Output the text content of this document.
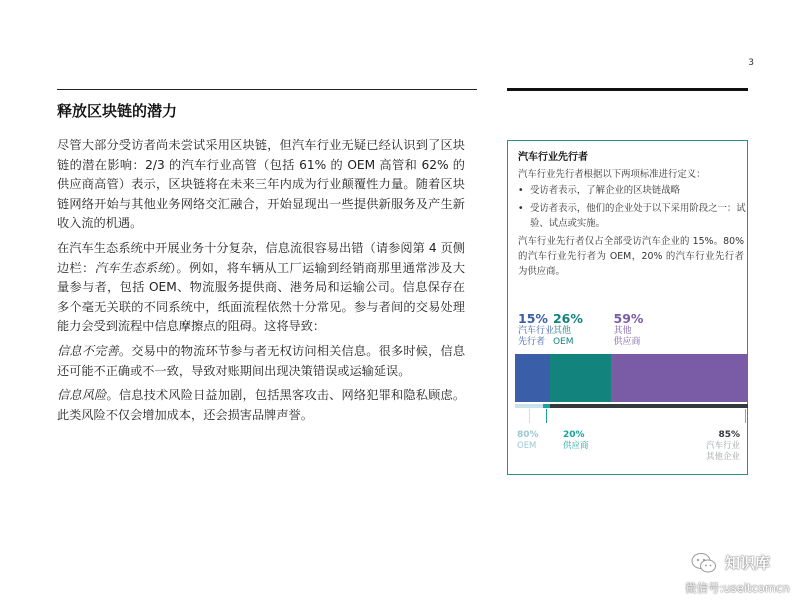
3
释放区块链的潜力

尽管大部分受访者尚未尝试采用区块链，但汽车行业无疑已经认识到了区块链的潜在影响：2/3 的汽车行业高管（包括 61% 的 OEM 高管和 62% 的供应商高管）表示，区块链将在未来三年内成为行业颠覆性力量。随着区块链网络开始与其他业务网络交汇融合，开始显现出一些提供新服务及产生新收入流的机遇。

在汽车生态系统中开展业务十分复杂，信息流很容易出错（请参阅第 4 页侧边栏：汽车生态系统）。例如，将车辆从工厂运输到经销商那里通常涉及大量参与者，包括 OEM、物流服务提供商、港务局和运输公司。信息保存在多个毫无关联的不同系统中，纸面流程依然十分常见。参与者间的交易处理能力会受到流程中信息摩擦点的阻碍。这将导致：

信息不完善。交易中的物流环节参与者无权访问相关信息。很多时候，信息还可能不正确或不一致，导致对账期间出现决策错误或运输延误。

信息风险。信息技术风险日益加剧，包括黑客攻击、网络犯罪和隐私顾虑。此类风险不仅会增加成本，还会损害品牌声誉。

汽车行业先行者
汽车行业先行者根据以下两项标准进行定义：
• 受访者表示，了解企业的区块链战略
• 受访者表示，他们的企业处于以下采用阶段之一：试验、试点或实施。
汽车行业先行者仅占全部受访汽车企业的 15%。80% 的汽车行业先行者为 OEM，20% 的汽车行业先行者为供应商。
15%
汽车行业
先行者
26%
其他
OEM
59%
其他
供应商
80%
OEM
20%
供应商
85%
汽车行业
其他企业
知识库
微信号:useitcomcn
